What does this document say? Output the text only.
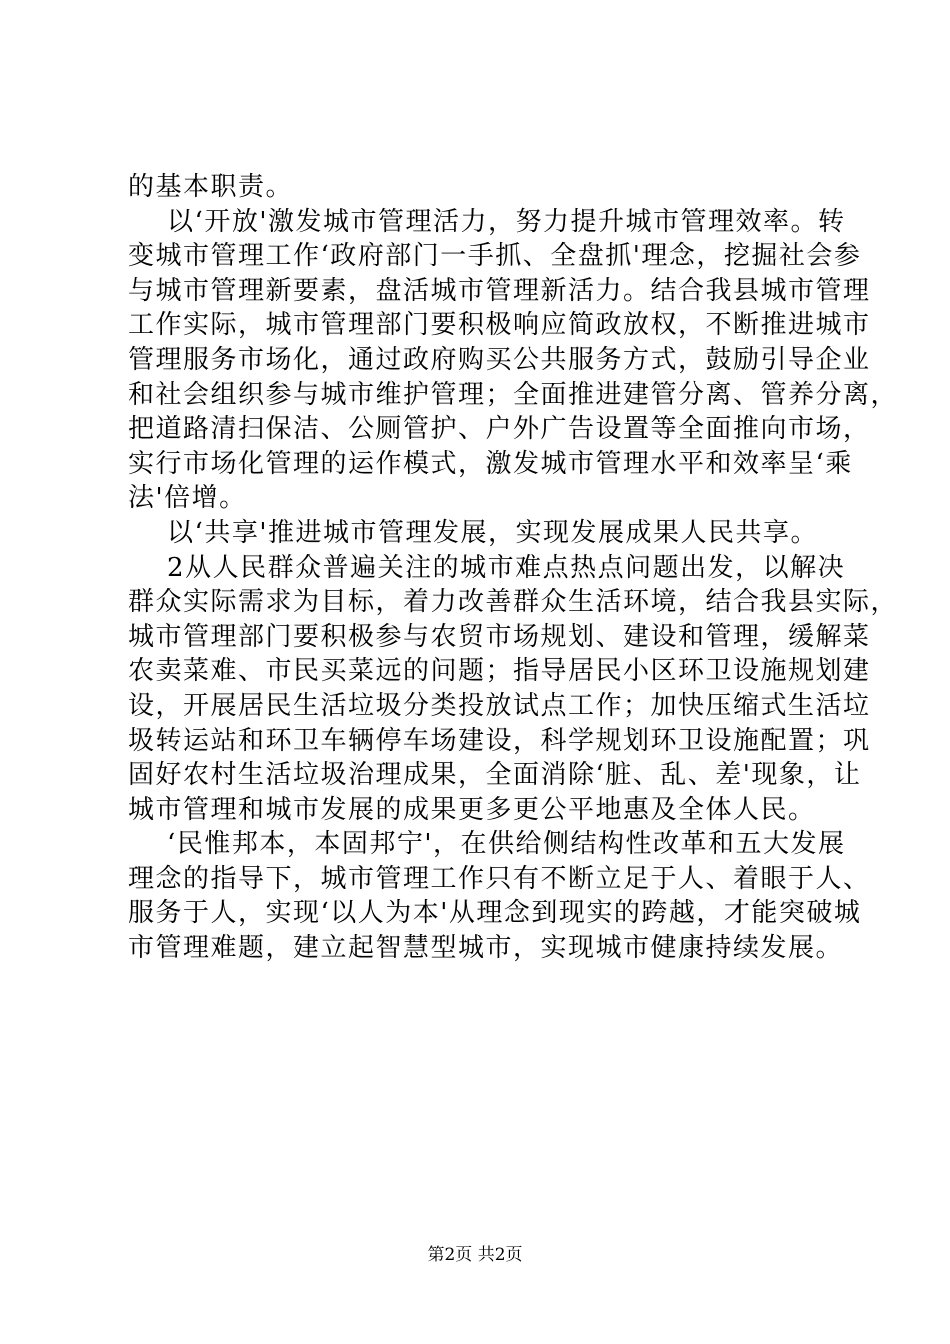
的基本职责。

以‘开放'激发城市管理活力，努力提升城市管理效率。转

变城市管理工作‘政府部门一手抓、全盘抓'理念，挖掘社会参

与城市管理新要素，盘活城市管理新活力。结合我县城市管理

工作实际，城市管理部门要积极响应简政放权，不断推进城市

管理服务市场化，通过政府购买公共服务方式，鼓励引导企业

和社会组织参与城市维护管理；全面推进建管分离、管养分离，

把道路清扫保洁、公厕管护、户外广告设置等全面推向市场，

实行市场化管理的运作模式，激发城市管理水平和效率呈‘乘

法'倍增。

以‘共享'推进城市管理发展，实现发展成果人民共享。

2从人民群众普遍关注的城市难点热点问题出发，以解决

群众实际需求为目标，着力改善群众生活环境，结合我县实际，

城市管理部门要积极参与农贸市场规划、建设和管理，缓解菜

农卖菜难、市民买菜远的问题；指导居民小区环卫设施规划建

设，开展居民生活垃圾分类投放试点工作；加快压缩式生活垃

圾转运站和环卫车辆停车场建设，科学规划环卫设施配置；巩

固好农村生活垃圾治理成果，全面消除‘脏、乱、差'现象，让

城市管理和城市发展的成果更多更公平地惠及全体人民。

‘民惟邦本，本固邦宁'，在供给侧结构性改革和五大发展

理念的指导下，城市管理工作只有不断立足于人、着眼于人、

服务于人，实现‘以人为本'从理念到现实的跨越，才能突破城

市管理难题，建立起智慧型城市，实现城市健康持续发展。

第2页 共2页
